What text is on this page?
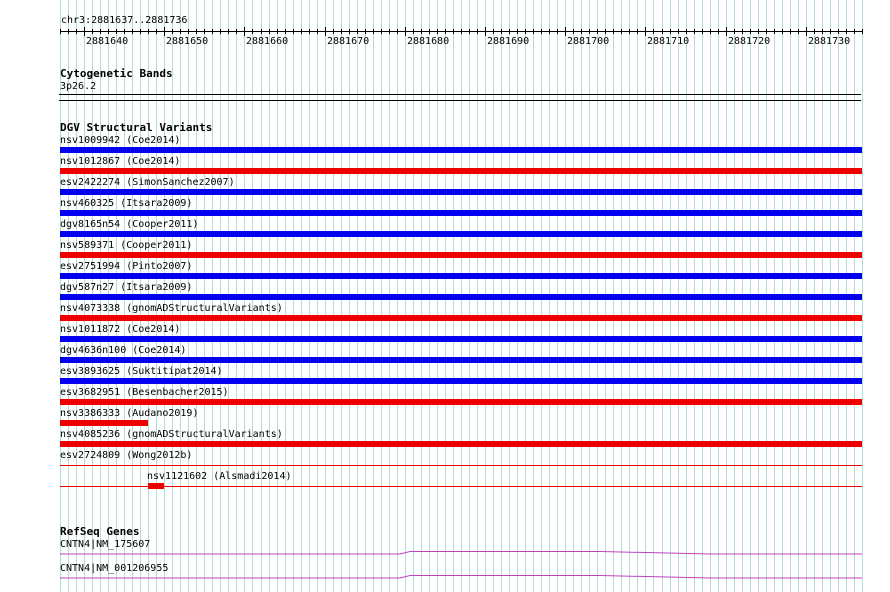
chr3:2881637..2881736
2881640	2881650	2881660	2881670	2881680	2881690	2881700	2881710	2881720	2881730
Cytogenetic Bands
3p26.2
DGV Structural Variants
nsv1009942 (Coe2014)
nsv1012867 (Coe2014)
esv2422274 (SimonSanchez2007)
nsv460325 (Itsara2009)
dgv8165n54 (Cooper2011)
nsv589371 (Cooper2011)
esv2751994 (Pinto2007)
dgv587n27 (Itsara2009)
nsv4073338 (gnomADStructuralVariants)
nsv1011872 (Coe2014)
dgv4636n100 (Coe2014)
esv3893625 (Suktitipat2014)
esv3682951 (Besenbacher2015)
nsv3386333 (Audano2019)
nsv4085236 (gnomADStructuralVariants)
esv2724809 (Wong2012b)
nsv1121602 (Alsmadi2014)
RefSeq Genes
CNTN4|NM_175607
CNTN4|NM_001206955
